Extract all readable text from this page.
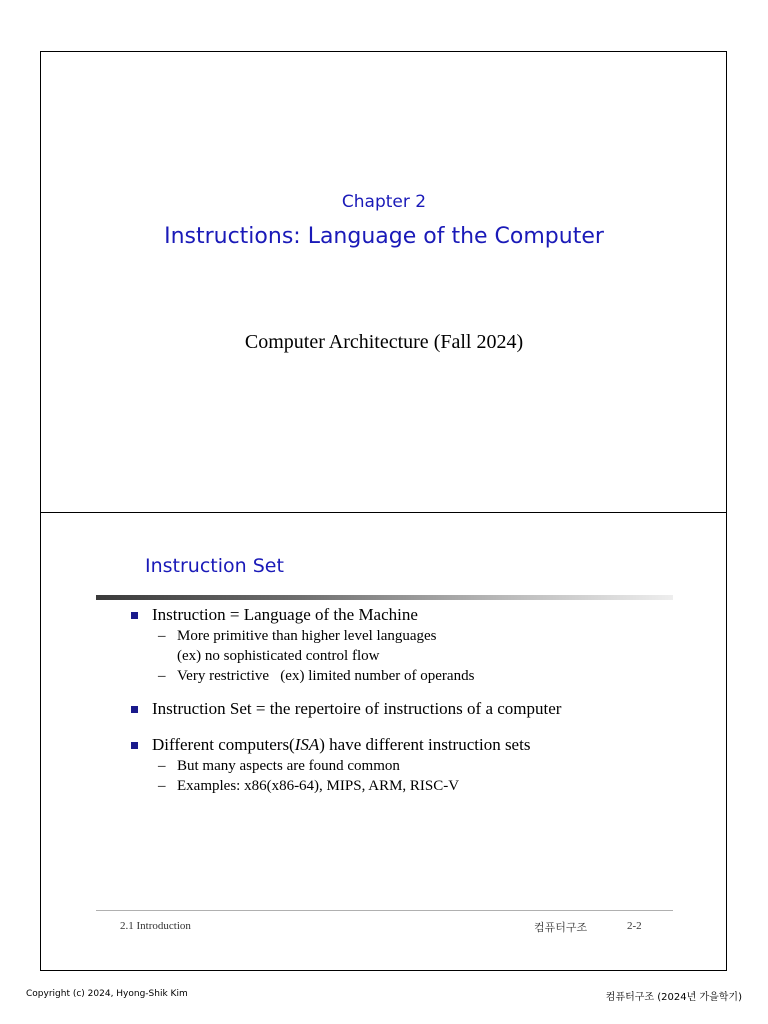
Chapter 2
Instructions: Language of the Computer
Computer Architecture (Fall 2024)
Instruction Set
Instruction = Language of the Machine
– More primitive than higher level languages
(ex) no sophisticated control flow
– Very restrictive   (ex) limited number of operands
Instruction Set = the repertoire of instructions of a computer
Different computers(ISA) have different instruction sets
– But many aspects are found common
– Examples: x86(x86-64), MIPS, ARM, RISC-V
2.1 Introduction	컴퓨터구조	2-2
Copyright (c) 2024, Hyong-Shik Kim	컴퓨터구조 (2024년 가을학기)
